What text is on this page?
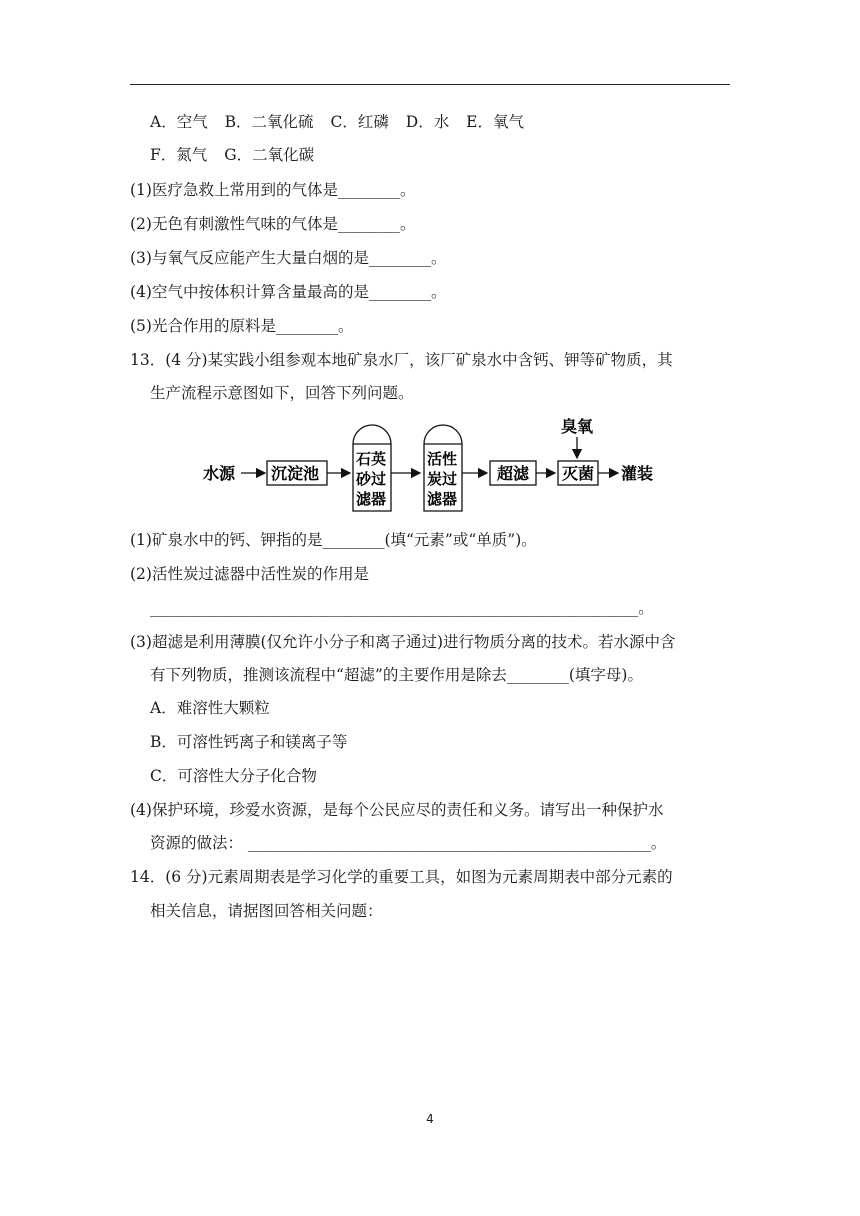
A．空气 B．二氧化硫 C．红磷 D．水 E．氧气
F．氮气 G．二氧化碳
(1)医疗急救上常用到的气体是________。
(2)无色有刺激性气味的气体是________。
(3)与氧气反应能产生大量白烟的是________。
(4)空气中按体积计算含量最高的是________。
(5)光合作用的原料是________。
13．(4 分)某实践小组参观本地矿泉水厂，该厂矿泉水中含钙、钾等矿物质，其
生产流程示意图如下，回答下列问题。
水源 沉淀池
石英
砂过
滤器
活性
炭过
滤器
超滤
臭氧
灭菌 灌装
(1)矿泉水中的钙、钾指的是________(填“元素”或“单质”)。
(2)活性炭过滤器中活性炭的作用是
_______________________________________________________________。
(3)超滤是利用薄膜(仅允许小分子和离子通过)进行物质分离的技术。若水源中含
有下列物质，推测该流程中“超滤”的主要作用是除去________(填字母)。
A．难溶性大颗粒
B．可溶性钙离子和镁离子等
C．可溶性大分子化合物
(4)保护环境，珍爱水资源，是每个公民应尽的责任和义务。请写出一种保护水
资源的做法： ____________________________________________________。
14．(6 分)元素周期表是学习化学的重要工具，如图为元素周期表中部分元素的
相关信息，请据图回答相关问题：
4
